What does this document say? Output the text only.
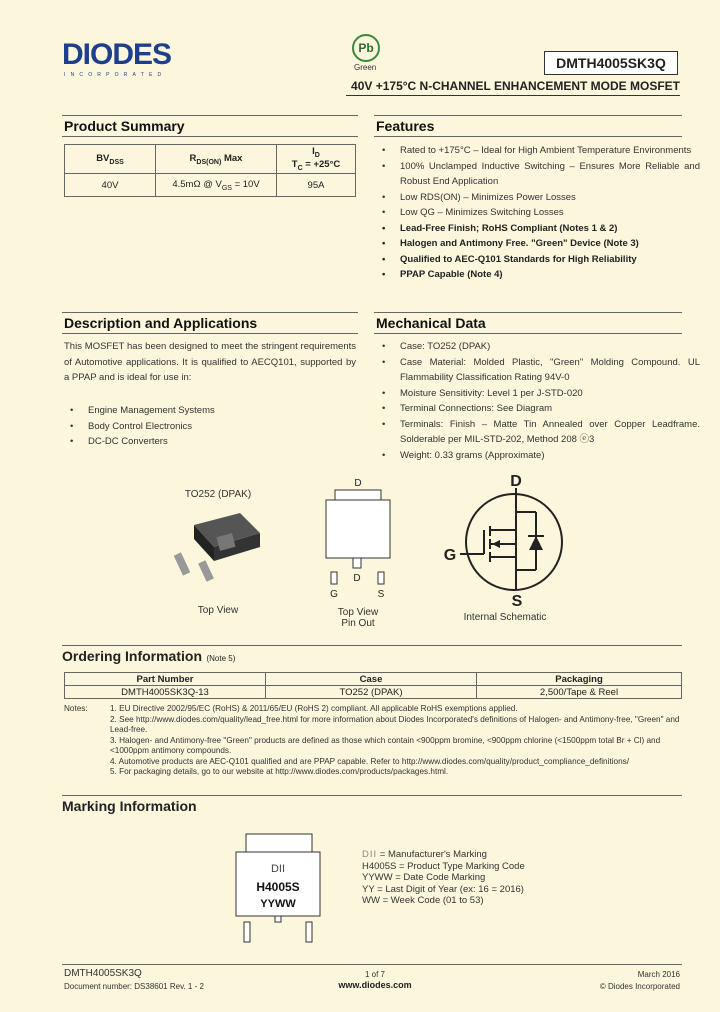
DIODES
INCORPORATED
Pb
Green	DMTH4005SK3Q
40V +175°C N-CHANNEL ENHANCEMENT MODE MOSFET
Product Summary
$BV_{DSS}$	$R_{DS(ON)}$ Max	$I_D$
$T_C = +25^\circ C$
40V	4.5mΩ @ $V_{GS} = 10V$	95A
Features
• Rated to +175°C – Ideal for High Ambient Temperature Environments
• 100% Unclamped Inductive Switching – Ensures More Reliable and Robust End Application
• Low RDS(ON) – Minimizes Power Losses
• Low QG – Minimizes Switching Losses
• Lead-Free Finish; RoHS Compliant (Notes 1 & 2)
• Halogen and Antimony Free. "Green" Device (Note 3)
• Qualified to AEC-Q101 Standards for High Reliability
• PPAP Capable (Note 4)
Description and Applications
This MOSFET has been designed to meet the stringent requirements of Automotive applications. It is qualified to AECQ101, supported by a PPAP and is ideal for use in:
• Engine Management Systems
• Body Control Electronics
• DC-DC Converters
Mechanical Data
• Case: TO252 (DPAK)
• Case Material: Molded Plastic, "Green" Molding Compound. UL Flammability Classification Rating 94V-0
• Moisture Sensitivity: Level 1 per J-STD-020
• Terminal Connections: See Diagram
• Terminals: Finish – Matte Tin Annealed over Copper Leadframe. Solderable per MIL-STD-202, Method 208 ⓔ3
• Weight: 0.33 grams (Approximate)
TO252 (DPAK)
Top View
D
G
D
S
Top View
Pin Out
D
G
S
Internal Schematic
Ordering Information (Note 5)
Part Number	Case	Packaging
DMTH4005SK3Q-13	TO252 (DPAK)	2,500/Tape & Reel
Notes:	1. EU Directive 2002/95/EC (RoHS) & 2011/65/EU (RoHS 2) compliant. All applicable RoHS exemptions applied.
2. See http://www.diodes.com/quality/lead_free.html for more information about Diodes Incorporated's definitions of Halogen- and Antimony-free, "Green" and Lead-free.
3. Halogen- and Antimony-free "Green" products are defined as those which contain <900ppm bromine, <900ppm chlorine (<1500ppm total Br + Cl) and <1000ppm antimony compounds.
4. Automotive products are AEC-Q101 qualified and are PPAP capable. Refer to http://www.diodes.com/quality/product_compliance_definitions/
5. For packaging details, go to our website at http://www.diodes.com/products/packages.html.
Marking Information
DII
H4005S
YYWW
DII = Manufacturer's Marking
H4005S = Product Type Marking Code
YYWW = Date Code Marking
YY = Last Digit of Year (ex: 16 = 2016)
WW = Week Code (01 to 53)
DMTH4005SK3Q
Document number: DS38601 Rev. 1 - 2
1 of 7
www.diodes.com
March 2016
© Diodes Incorporated
